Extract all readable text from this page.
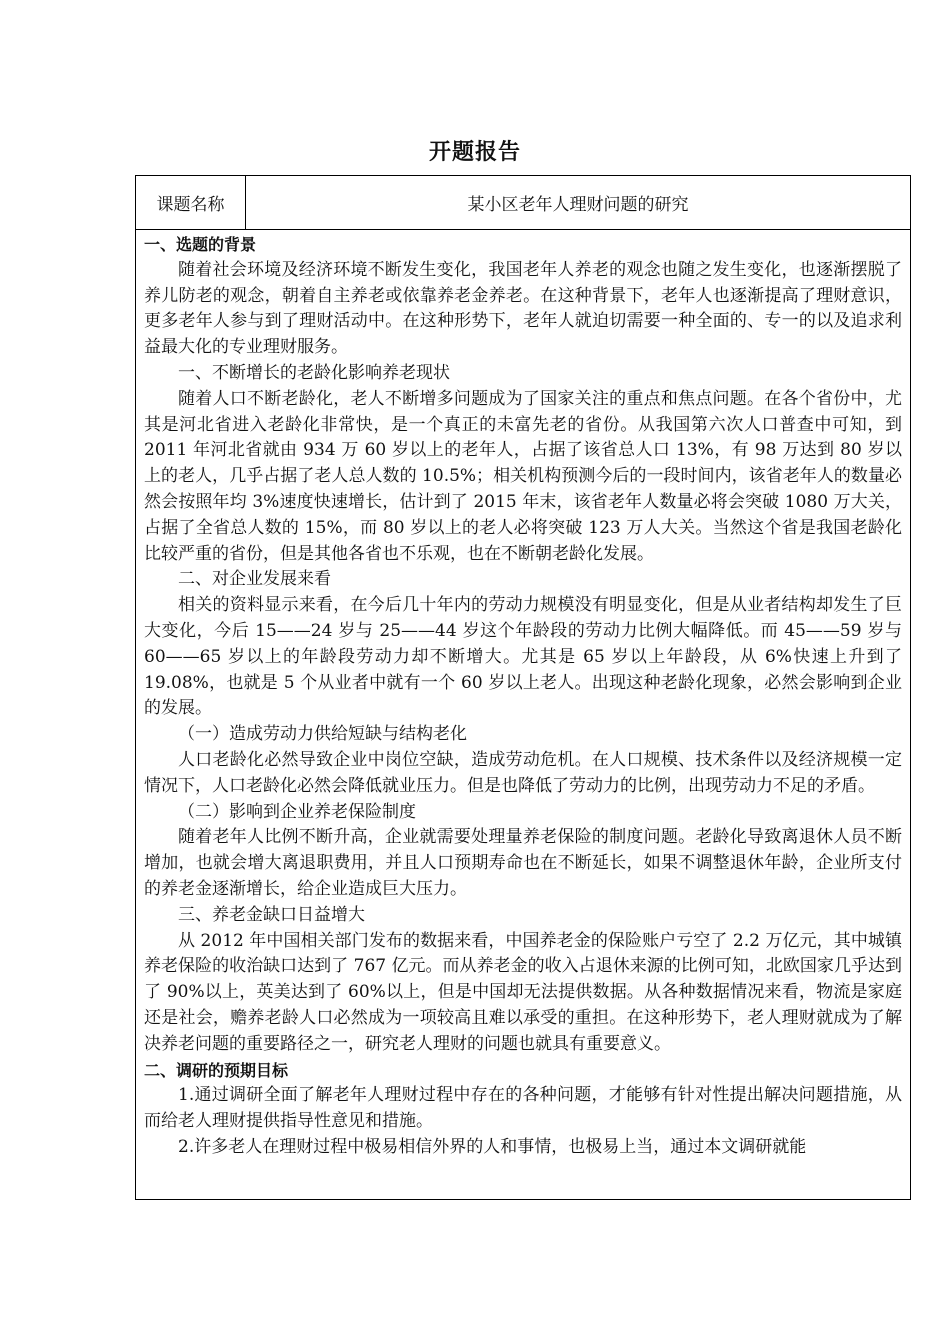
开题报告
课题名称	某小区老年人理财问题的研究

一、选题的背景

随着社会环境及经济环境不断发生变化，我国老年人养老的观念也随之发生变化，也逐渐摆脱了养儿防老的观念，朝着自主养老或依靠养老金养老。在这种背景下，老年人也逐渐提高了理财意识，更多老年人参与到了理财活动中。在这种形势下，老年人就迫切需要一种全面的、专一的以及追求利益最大化的专业理财服务。

一、不断增长的老龄化影响养老现状

随着人口不断老龄化，老人不断增多问题成为了国家关注的重点和焦点问题。在各个省份中，尤其是河北省进入老龄化非常快，是一个真正的未富先老的省份。从我国第六次人口普查中可知，到 2011 年河北省就由 934 万 60 岁以上的老年人，占据了该省总人口 13%，有 98 万达到 80 岁以上的老人，几乎占据了老人总人数的 10.5%；相关机构预测今后的一段时间内，该省老年人的数量必然会按照年均 3%速度快速增长，估计到了 2015 年末，该省老年人数量必将会突破 1080 万大关，占据了全省总人数的 15%，而 80 岁以上的老人必将突破 123 万人大关。当然这个省是我国老龄化比较严重的省份，但是其他各省也不乐观，也在不断朝老龄化发展。

二、对企业发展来看

相关的资料显示来看，在今后几十年内的劳动力规模没有明显变化，但是从业者结构却发生了巨大变化，今后 15——24 岁与 25——44 岁这个年龄段的劳动力比例大幅降低。而 45——59 岁与 60——65 岁以上的年龄段劳动力却不断增大。尤其是 65 岁以上年龄段，从 6%快速上升到了 19.08%，也就是 5 个从业者中就有一个 60 岁以上老人。出现这种老龄化现象，必然会影响到企业的发展。

（一）造成劳动力供给短缺与结构老化

人口老龄化必然导致企业中岗位空缺，造成劳动危机。在人口规模、技术条件以及经济规模一定情况下，人口老龄化必然会降低就业压力。但是也降低了劳动力的比例，出现劳动力不足的矛盾。

（二）影响到企业养老保险制度

随着老年人比例不断升高，企业就需要处理量养老保险的制度问题。老龄化导致离退休人员不断增加，也就会增大离退职费用，并且人口预期寿命也在不断延长，如果不调整退休年龄，企业所支付的养老金逐渐增长，给企业造成巨大压力。

三、养老金缺口日益增大

从 2012 年中国相关部门发布的数据来看，中国养老金的保险账户亏空了 2.2 万亿元，其中城镇养老保险的收治缺口达到了 767 亿元。而从养老金的收入占退休来源的比例可知，北欧国家几乎达到了 90%以上，英美达到了 60%以上，但是中国却无法提供数据。从各种数据情况来看，物流是家庭还是社会，赡养老龄人口必然成为一项较高且难以承受的重担。在这种形势下，老人理财就成为了解决养老问题的重要路径之一，研究老人理财的问题也就具有重要意义。

二、调研的预期目标

1.通过调研全面了解老年人理财过程中存在的各种问题，才能够有针对性提出解决问题措施，从而给老人理财提供指导性意见和措施。

2.许多老人在理财过程中极易相信外界的人和事情，也极易上当，通过本文调研就能
